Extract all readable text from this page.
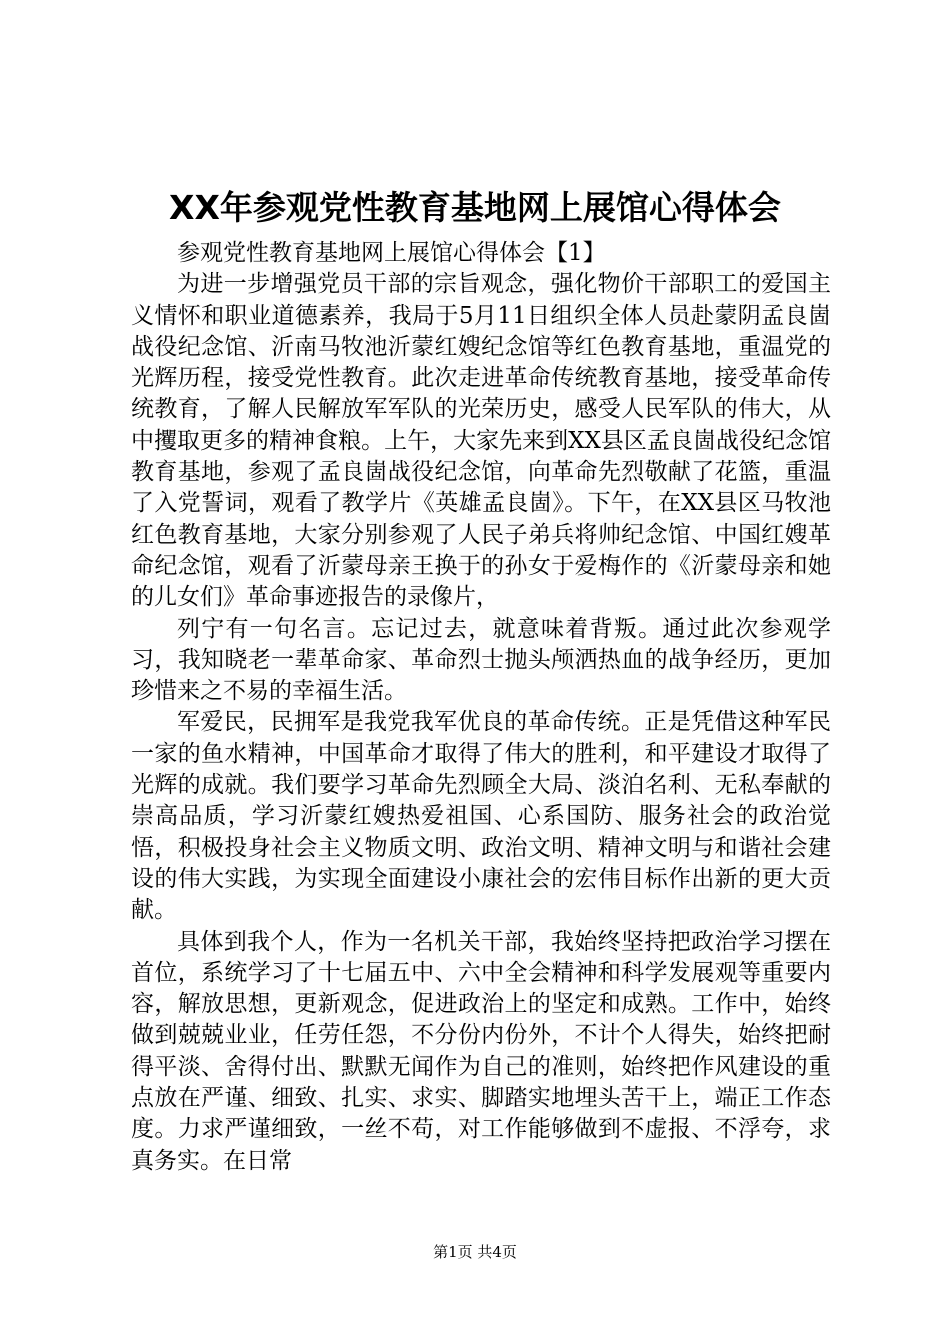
XX年参观党性教育基地网上展馆心得体会

参观党性教育基地网上展馆心得体会【1】

为进一步增强党员干部的宗旨观念，强化物价干部职工的爱国主义情怀和职业道德素养，我局于5月11日组织全体人员赴蒙阴孟良崮战役纪念馆、沂南马牧池沂蒙红嫂纪念馆等红色教育基地，重温党的光辉历程，接受党性教育。此次走进革命传统教育基地，接受革命传统教育，了解人民解放军军队的光荣历史，感受人民军队的伟大，从中攫取更多的精神食粮。上午，大家先来到XX县区孟良崮战役纪念馆教育基地，参观了孟良崮战役纪念馆，向革命先烈敬献了花篮，重温了入党誓词，观看了教学片《英雄孟良崮》。下午，在XX县区马牧池红色教育基地，大家分别参观了人民子弟兵将帅纪念馆、中国红嫂革命纪念馆，观看了沂蒙母亲王换于的孙女于爱梅作的《沂蒙母亲和她的儿女们》革命事迹报告的录像片，

列宁有一句名言。忘记过去，就意味着背叛。通过此次参观学习，我知晓老一辈革命家、革命烈士抛头颅洒热血的战争经历，更加珍惜来之不易的幸福生活。

军爱民，民拥军是我党我军优良的革命传统。正是凭借这种军民一家的鱼水精神，中国革命才取得了伟大的胜利，和平建设才取得了光辉的成就。我们要学习革命先烈顾全大局、淡泊名利、无私奉献的崇高品质，学习沂蒙红嫂热爱祖国、心系国防、服务社会的政治觉悟，积极投身社会主义物质文明、政治文明、精神文明与和谐社会建设的伟大实践，为实现全面建设小康社会的宏伟目标作出新的更大贡献。

具体到我个人，作为一名机关干部，我始终坚持把政治学习摆在首位，系统学习了十七届五中、六中全会精神和科学发展观等重要内容，解放思想，更新观念，促进政治上的坚定和成熟。工作中，始终做到兢兢业业，任劳任怨，不分份内份外，不计个人得失，始终把耐得平淡、舍得付出、默默无闻作为自己的准则，始终把作风建设的重点放在严谨、细致、扎实、求实、脚踏实地埋头苦干上，端正工作态度。力求严谨细致，一丝不苟，对工作能够做到不虚报、不浮夸，求真务实。在日常

第1页 共4页
